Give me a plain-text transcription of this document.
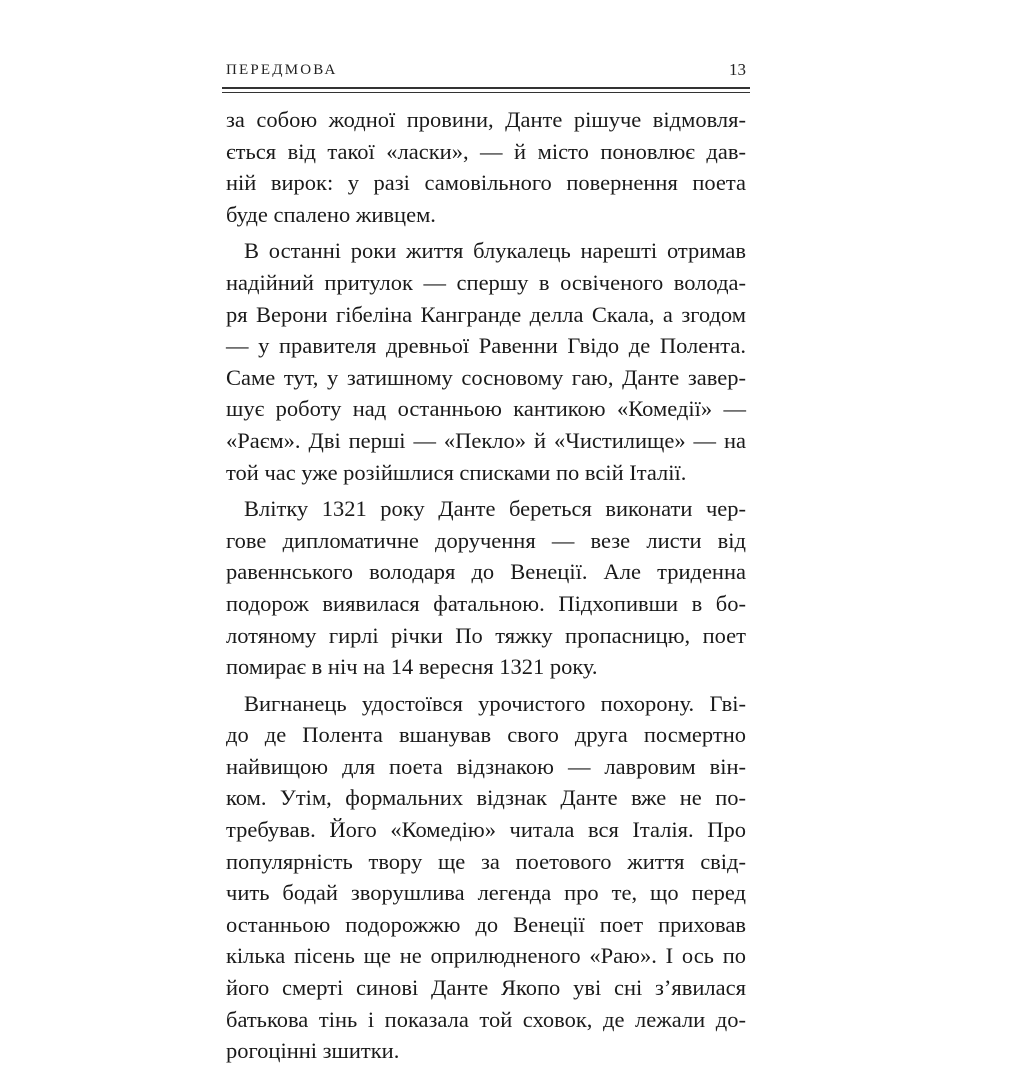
ПЕРЕДМОВА	13
за собою жодної провини, Данте рішуче відмовля-
ється від такої «ласки», — й місто поновлює дав-
ній вирок: у разі самовільного повернення поета
буде спалено живцем.
В останні роки життя блукалець нарешті отримав
надійний притулок — спершу в освіченого волода-
ря Верони гібеліна Кангранде делла Скала, а згодом
— у правителя древньої Равенни Гвідо де Полента.
Саме тут, у затишному сосновому гаю, Данте завер-
шує роботу над останньою кантикою «Комедії» —
«Раєм». Дві перші — «Пекло» й «Чистилище» — на
той час уже розійшлися списками по всій Італії.
Влітку 1321 року Данте береться виконати чер-
гове дипломатичне доручення — везе листи від
равеннського володаря до Венеції. Але триденна
подорож виявилася фатальною. Підхопивши в бо-
лотяному гирлі річки По тяжку пропасницю, поет
помирає в ніч на 14 вересня 1321 року.
Вигнанець удостоївся урочистого похорону. Гві-
до де Полента вшанував свого друга посмертно
найвищою для поета відзнакою — лавровим він-
ком. Утім, формальних відзнак Данте вже не по-
требував. Його «Комедію» читала вся Італія. Про
популярність твору ще за поетового життя свід-
чить бодай зворушлива легенда про те, що перед
останньою подорожжю до Венеції поет приховав
кілька пісень ще не оприлюдненого «Раю». І ось по
його смерті синові Данте Якопо уві сні з’явилася
батькова тінь і показала той сховок, де лежали до-
рогоцінні зшитки.
